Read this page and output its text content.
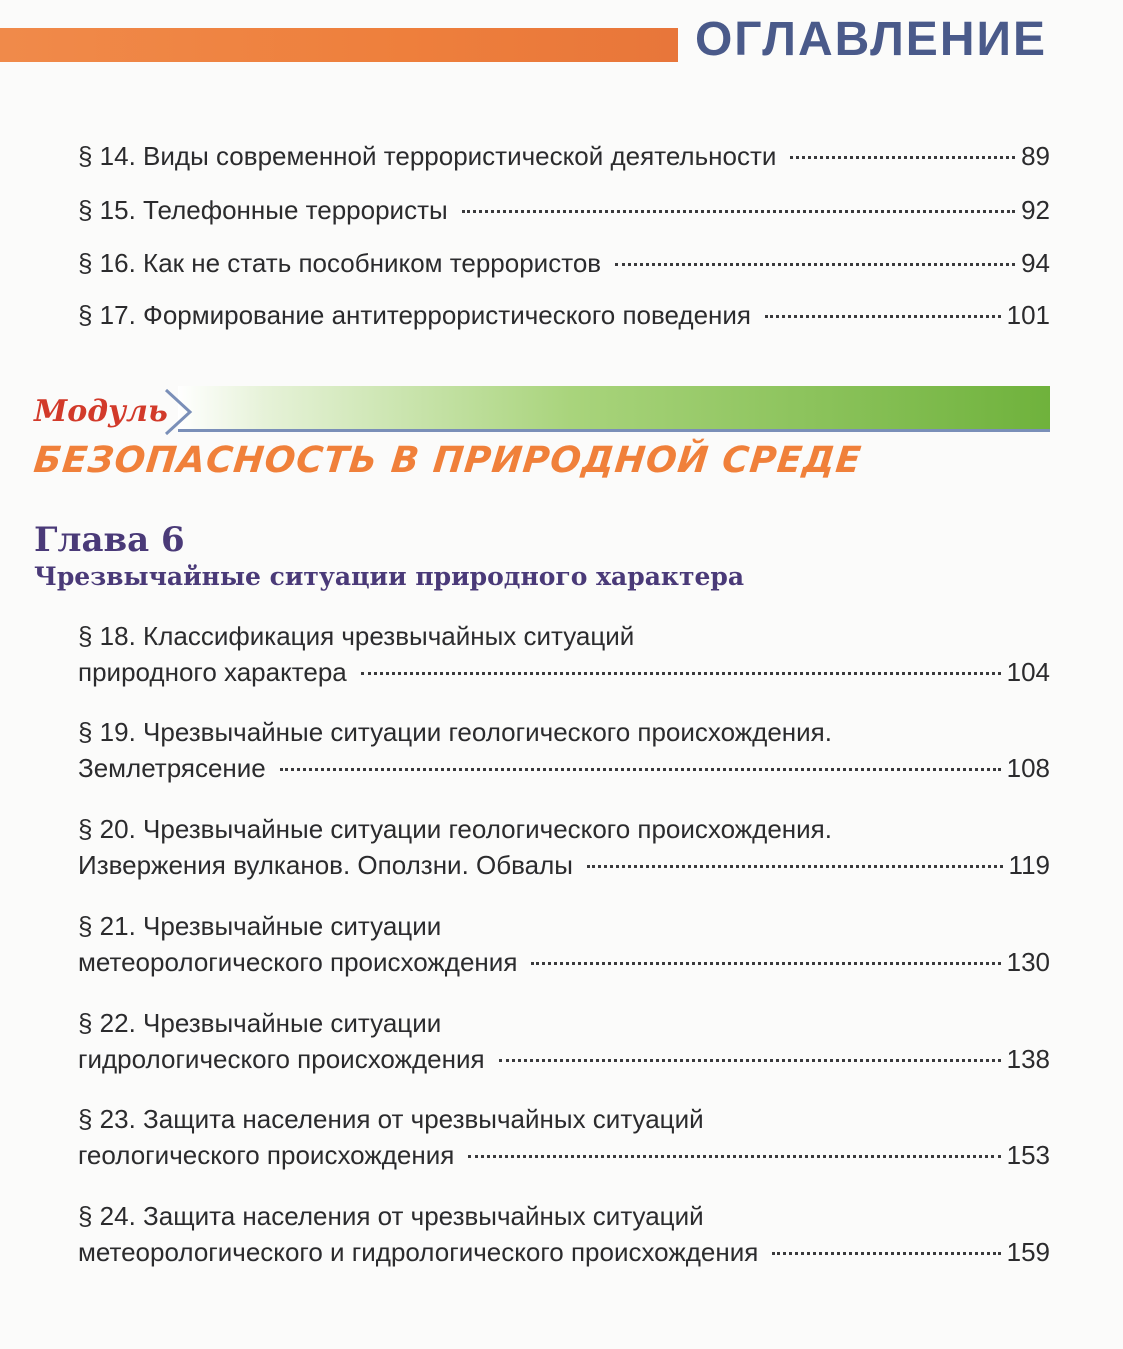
ОГЛАВЛЕНИЕ
§ 14. Виды современной террористической деятельности	89
§ 15. Телефонные террористы	92
§ 16. Как не стать пособником террористов	94
§ 17. Формирование антитеррористического поведения	101
Модуль
БЕЗОПАСНОСТЬ В ПРИРОДНОЙ СРЕДЕ
Глава 6
Чрезвычайные ситуации природного характера
§ 18. Классификация чрезвычайных ситуаций
природного характера	104
§ 19. Чрезвычайные ситуации геологического происхождения.
Землетрясение	108
§ 20. Чрезвычайные ситуации геологического происхождения.
Извержения вулканов. Оползни. Обвалы	119
§ 21. Чрезвычайные ситуации
метеорологического происхождения	130
§ 22. Чрезвычайные ситуации
гидрологического происхождения	138
§ 23. Защита населения от чрезвычайных ситуаций
геологического происхождения	153
§ 24. Защита населения от чрезвычайных ситуаций
метеорологического и гидрологического происхождения	159
